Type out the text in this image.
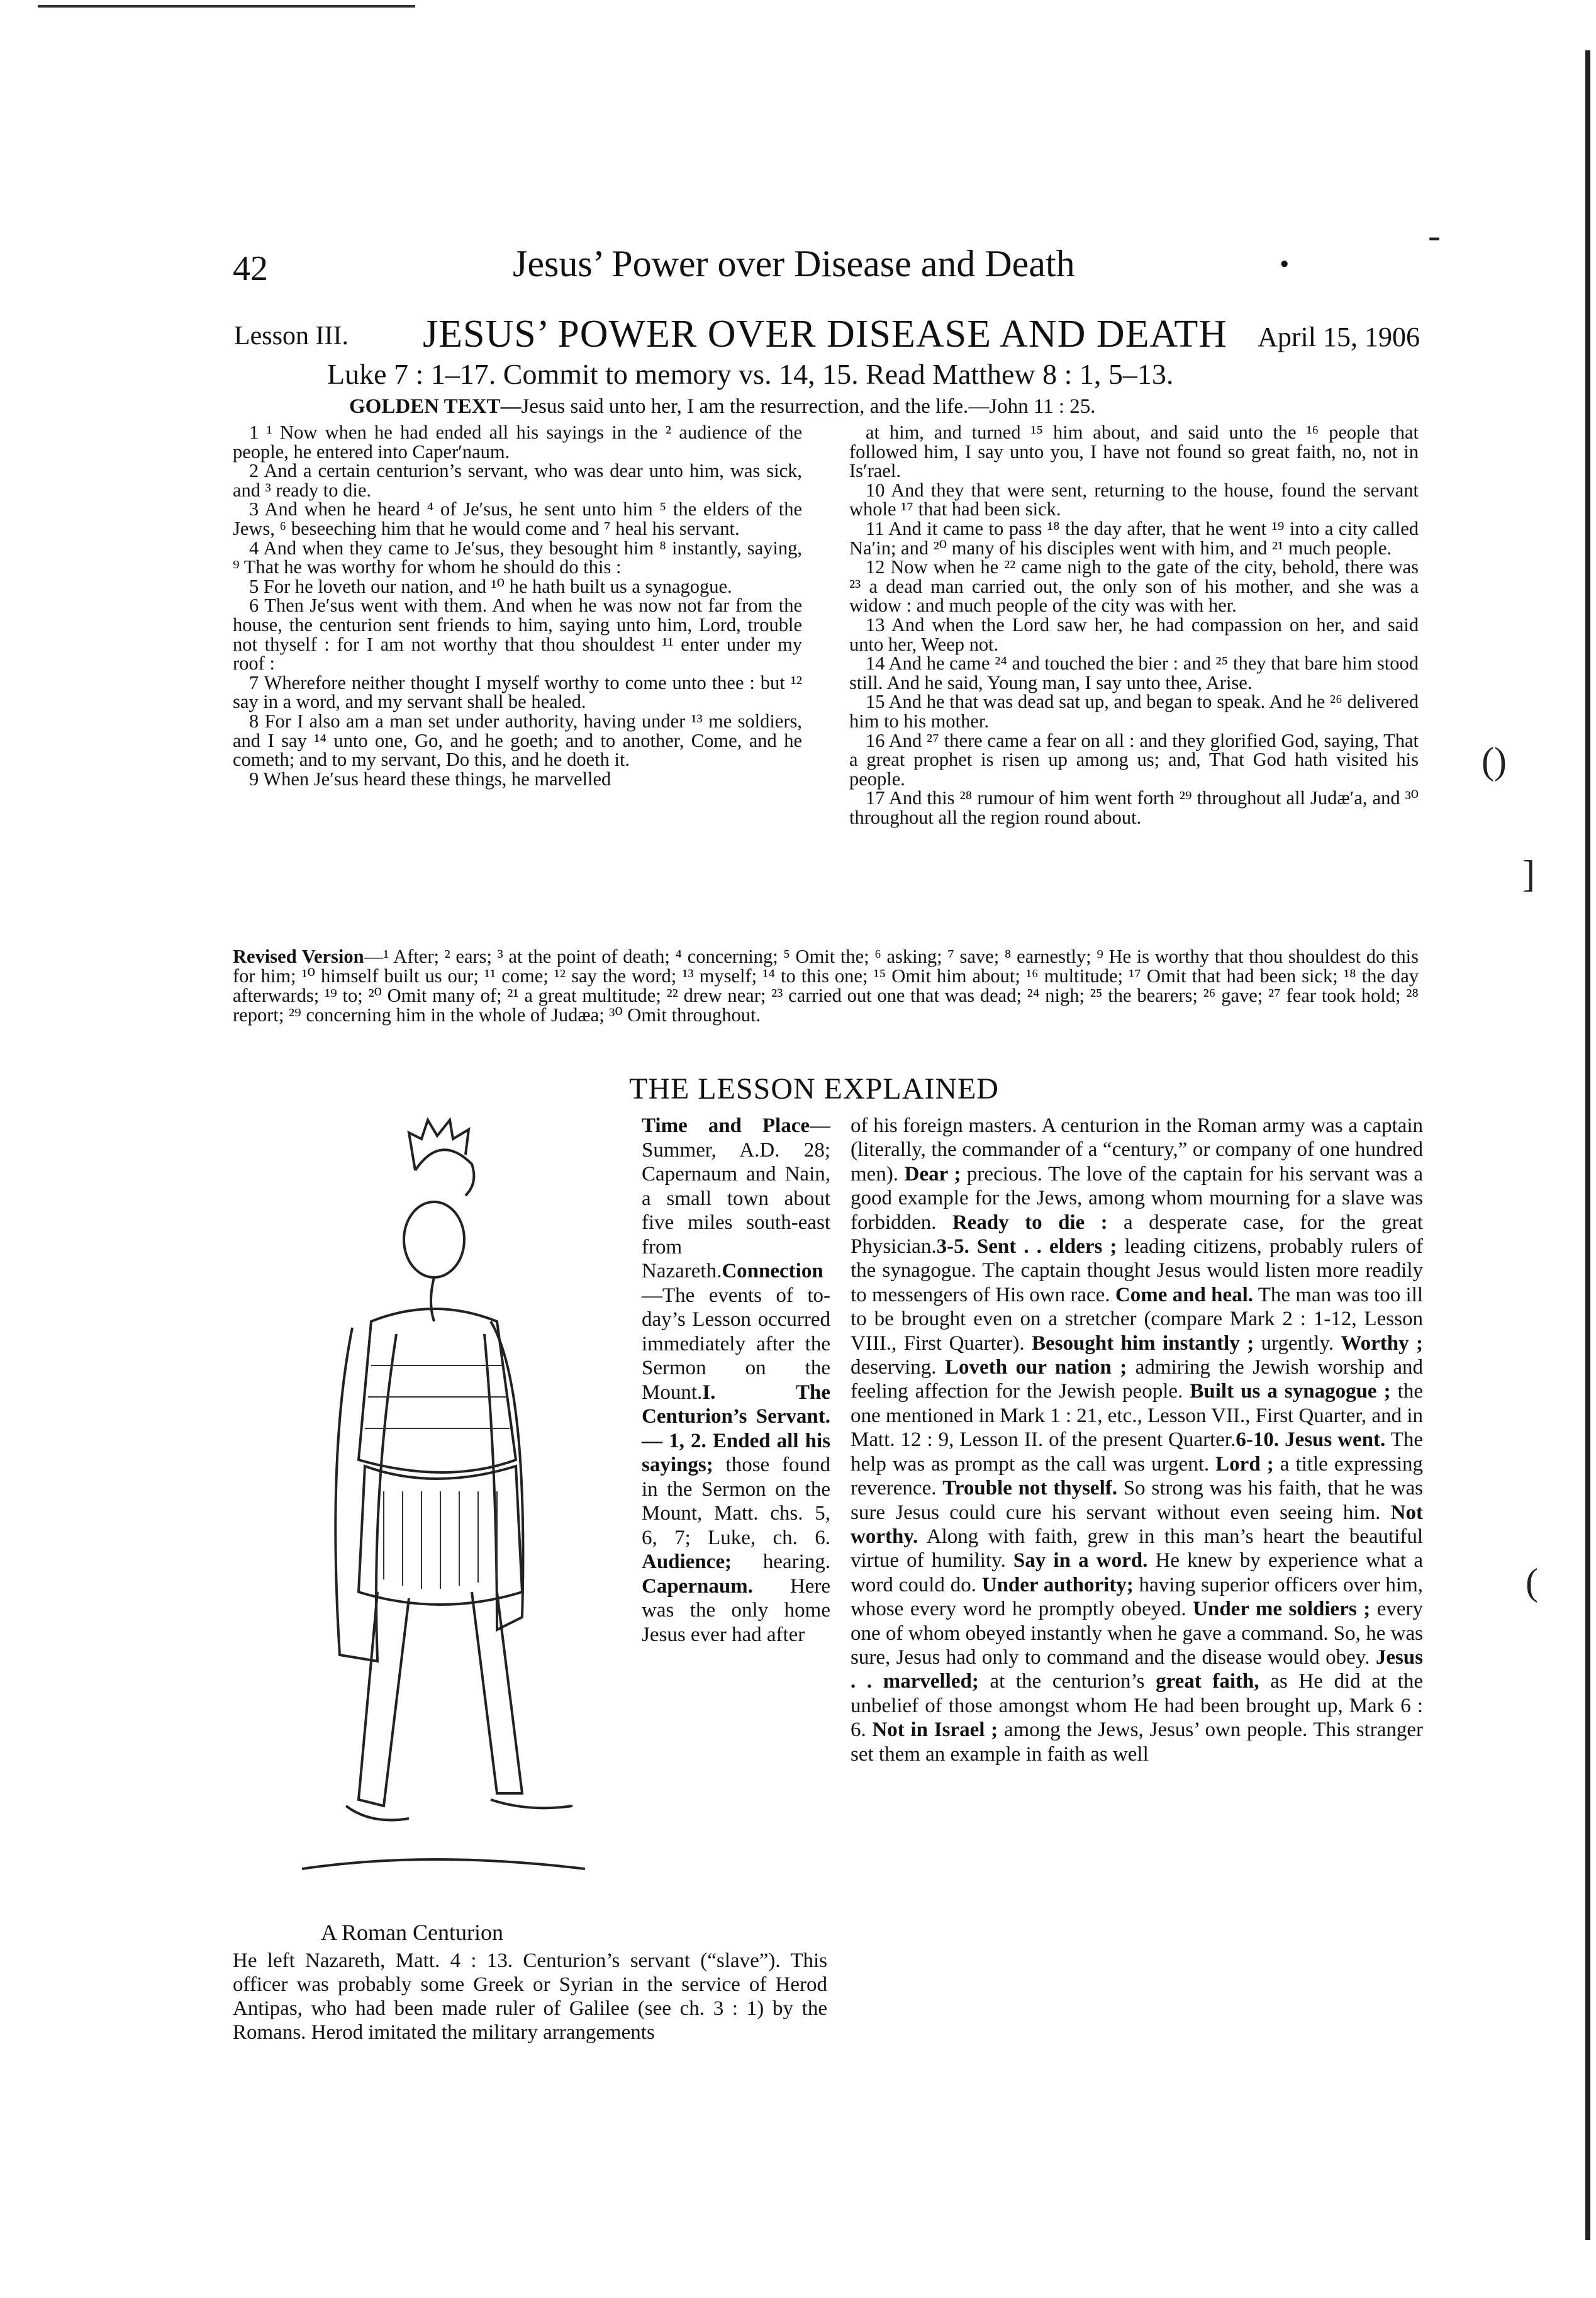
42	Jesus’ Power over Disease and Death	•
Lesson III. JESUS’ POWER OVER DISEASE AND DEATH April 15, 1906
Luke 7 : 1–17. Commit to memory vs. 14, 15. Read Matthew 8 : 1, 5–13.
GOLDEN TEXT—Jesus said unto her, I am the resurrection, and the life.—John 11 : 25.

1 ¹ Now when he had ended all his sayings in the ² audience of the people, he entered into Caper′naum.

2 And a certain centurion’s servant, who was dear unto him, was sick, and ³ ready to die.

3 And when he heard ⁴ of Je′sus, he sent unto him ⁵ the elders of the Jews, ⁶ beseeching him that he would come and ⁷ heal his servant.

4 And when they came to Je′sus, they besought him ⁸ instantly, saying, ⁹ That he was worthy for whom he should do this :

5 For he loveth our nation, and ¹⁰ he hath built us a synagogue.

6 Then Je′sus went with them. And when he was now not far from the house, the centurion sent friends to him, saying unto him, Lord, trouble not thyself : for I am not worthy that thou shouldest ¹¹ enter under my roof :

7 Wherefore neither thought I myself worthy to come unto thee : but ¹² say in a word, and my servant shall be healed.

8 For I also am a man set under authority, having under ¹³ me soldiers, and I say ¹⁴ unto one, Go, and he goeth; and to another, Come, and he cometh; and to my servant, Do this, and he doeth it.

9 When Je′sus heard these things, he marvelled

at him, and turned ¹⁵ him about, and said unto the ¹⁶ people that followed him, I say unto you, I have not found so great faith, no, not in Is′rael.

10 And they that were sent, returning to the house, found the servant whole ¹⁷ that had been sick.

11 And it came to pass ¹⁸ the day after, that he went ¹⁹ into a city called Na′in; and ²⁰ many of his disciples went with him, and ²¹ much people.

12 Now when he ²² came nigh to the gate of the city, behold, there was ²³ a dead man carried out, the only son of his mother, and she was a widow : and much people of the city was with her.

13 And when the Lord saw her, he had compassion on her, and said unto her, Weep not.

14 And he came ²⁴ and touched the bier : and ²⁵ they that bare him stood still. And he said, Young man, I say unto thee, Arise.

15 And he that was dead sat up, and began to speak. And he ²⁶ delivered him to his mother.

16 And ²⁷ there came a fear on all : and they glorified God, saying, That a great prophet is risen up among us; and, That God hath visited his people.

17 And this ²⁸ rumour of him went forth ²⁹ throughout all Judæ′a, and ³⁰ throughout all the region round about.

Revised Version—¹ After; ² ears; ³ at the point of death; ⁴ concerning; ⁵ Omit the; ⁶ asking; ⁷ save; ⁸ earnestly; ⁹ He is worthy that thou shouldest do this for him; ¹⁰ himself built us our; ¹¹ come; ¹² say the word; ¹³ myself; ¹⁴ to this one; ¹⁵ Omit him about; ¹⁶ multitude; ¹⁷ Omit that had been sick; ¹⁸ the day afterwards; ¹⁹ to; ²⁰ Omit many of; ²¹ a great multitude; ²² drew near; ²³ carried out one that was dead; ²⁴ nigh; ²⁵ the bearers; ²⁶ gave; ²⁷ fear took hold; ²⁸ report; ²⁹ concerning him in the whole of Judæa; ³⁰ Omit throughout.
THE LESSON EXPLAINED
A Roman Centurion
Time and Place—Summer, A.D. 28; Capernaum and Nain, a small town about five miles south-east from Nazareth.Connection—The events of to-day’s Lesson occurred immediately after the Sermon on the Mount.I. The Centurion’s Servant. — 1, 2. Ended all his sayings; those found in the Sermon on the Mount, Matt. chs. 5, 6, 7; Luke, ch. 6. Audience; hearing. Capernaum. Here was the only home Jesus ever had after
He left Nazareth, Matt. 4 : 13. Centurion’s servant (“slave”). This officer was probably some Greek or Syrian in the service of Herod Antipas, who had been made ruler of Galilee (see ch. 3 : 1) by the Romans. Herod imitated the military arrangements
of his foreign masters. A centurion in the Roman army was a captain (literally, the commander of a “century,” or company of one hundred men). Dear ; precious. The love of the captain for his servant was a good example for the Jews, among whom mourning for a slave was forbidden. Ready to die : a desperate case, for the great Physician.3-5. Sent . . elders ; leading citizens, probably rulers of the synagogue. The captain thought Jesus would listen more readily to messengers of His own race. Come and heal. The man was too ill to be brought even on a stretcher (compare Mark 2 : 1-12, Lesson VIII., First Quarter). Besought him instantly ; urgently. Worthy ; deserving. Loveth our nation ; admiring the Jewish worship and feeling affection for the Jewish people. Built us a synagogue ; the one mentioned in Mark 1 : 21, etc., Lesson VII., First Quarter, and in Matt. 12 : 9, Lesson II. of the present Quarter.6-10. Jesus went. The help was as prompt as the call was urgent. Lord ; a title expressing reverence. Trouble not thyself. So strong was his faith, that he was sure Jesus could cure his servant without even seeing him. Not worthy. Along with faith, grew in this man’s heart the beautiful virtue of humility. Say in a word. He knew by experience what a word could do. Under authority; having superior officers over him, whose every word he promptly obeyed. Under me soldiers ; every one of whom obeyed instantly when he gave a command. So, he was sure, Jesus had only to command and the disease would obey. Jesus . . marvelled; at the centurion’s great faith, as He did at the unbelief of those amongst whom He had been brought up, Mark 6 : 6. Not in Israel ; among the Jews, Jesus’ own people. This stranger set them an example in faith as well
()
]
(
-
